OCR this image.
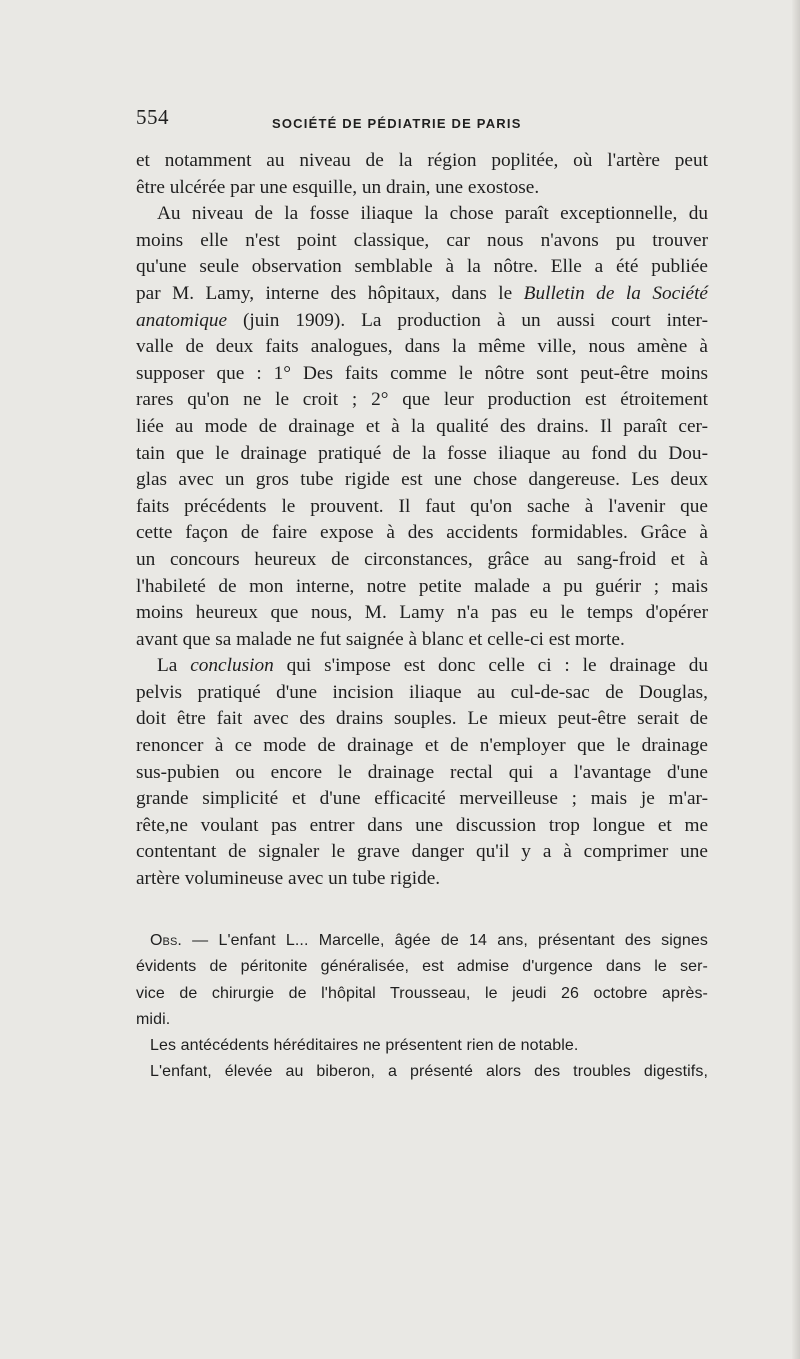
554	SOCIÉTÉ DE PÉDIATRIE DE PARIS
et notamment au niveau de la région poplitée, où l'artère peut
être ulcérée par une esquille, un drain, une exostose.
Au niveau de la fosse iliaque la chose paraît exceptionnelle, du
moins elle n'est point classique, car nous n'avons pu trouver
qu'une seule observation semblable à la nôtre. Elle a été publiée
par M. Lamy, interne des hôpitaux, dans le Bulletin de la Société
anatomique (juin 1909). La production à un aussi court inter-
valle de deux faits analogues, dans la même ville, nous amène à
supposer que : 1° Des faits comme le nôtre sont peut-être moins
rares qu'on ne le croit ; 2° que leur production est étroitement
liée au mode de drainage et à la qualité des drains. Il paraît cer-
tain que le drainage pratiqué de la fosse iliaque au fond du Dou-
glas avec un gros tube rigide est une chose dangereuse. Les deux
faits précédents le prouvent. Il faut qu'on sache à l'avenir que
cette façon de faire expose à des accidents formidables. Grâce à
un concours heureux de circonstances, grâce au sang-froid et à
l'habileté de mon interne, notre petite malade a pu guérir ; mais
moins heureux que nous, M. Lamy n'a pas eu le temps d'opérer
avant que sa malade ne fut saignée à blanc et celle-ci est morte.
La conclusion qui s'impose est donc celle ci : le drainage du
pelvis pratiqué d'une incision iliaque au cul-de-sac de Douglas,
doit être fait avec des drains souples. Le mieux peut-être serait de
renoncer à ce mode de drainage et de n'employer que le drainage
sus-pubien ou encore le drainage rectal qui a l'avantage d'une
grande simplicité et d'une efficacité merveilleuse ; mais je m'ar-
rête,ne voulant pas entrer dans une discussion trop longue et me
contentant de signaler le grave danger qu'il y a à comprimer une
artère volumineuse avec un tube rigide.
Obs. — L'enfant L... Marcelle, âgée de 14 ans, présentant des signes
évidents de péritonite généralisée, est admise d'urgence dans le ser-
vice de chirurgie de l'hôpital Trousseau, le jeudi 26 octobre après-
midi.
Les antécédents héréditaires ne présentent rien de notable.
L'enfant, élevée au biberon, a présenté alors des troubles digestifs,
